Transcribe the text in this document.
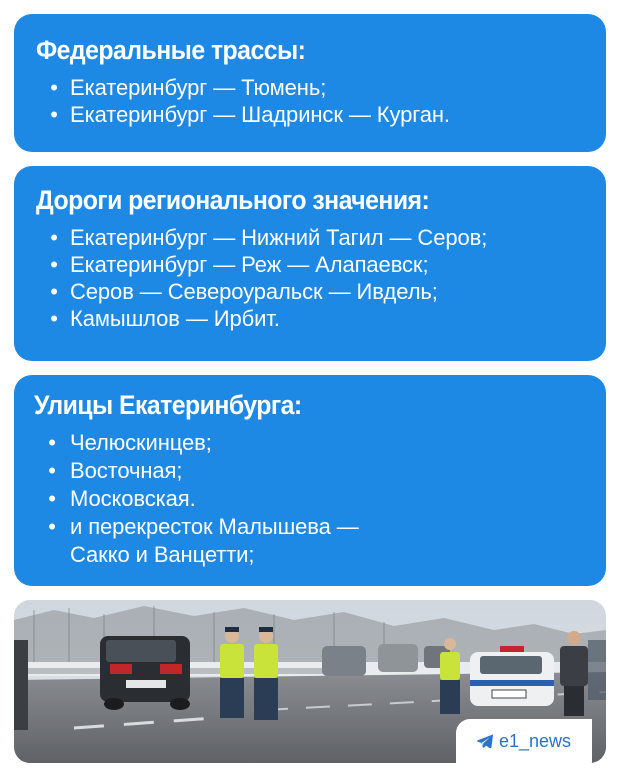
Федеральные трассы:
• Екатеринбург — Тюмень;
• Екатеринбург — Шадринск — Курган.
Дороги регионального значения:
• Екатеринбург — Нижний Тагил — Серов;
• Екатеринбург — Реж — Алапаевск;
• Серов — Североуральск — Ивдель;
• Камышлов — Ирбит.
Улицы Екатеринбурга:
• Челюскинцев;
• Восточная;
• Московская.
• и перекресток Малышева —
Сакко и Ванцетти;
e1_news
